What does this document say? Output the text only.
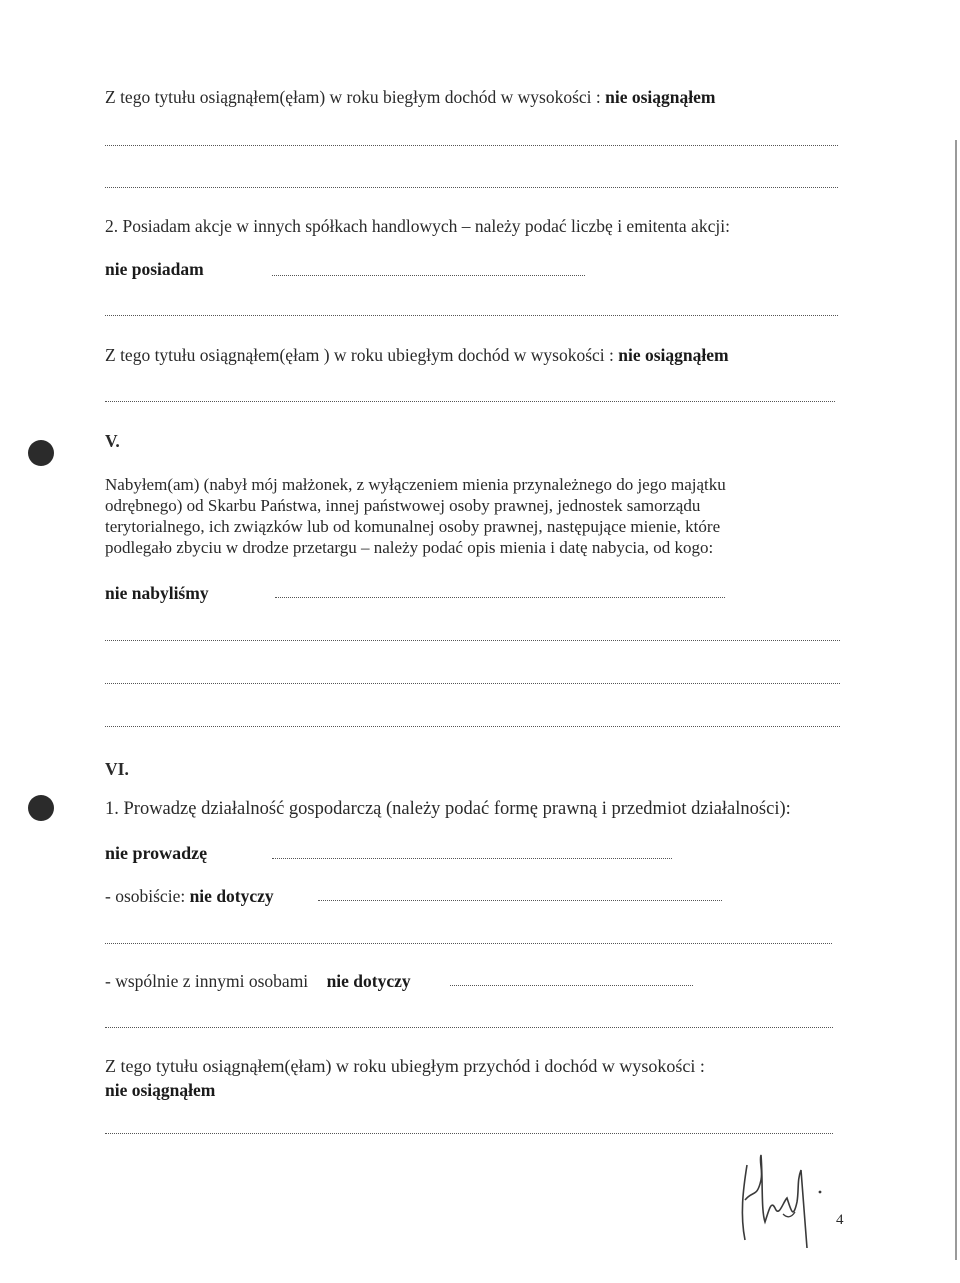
Z tego tytułu osiągnąłem(ęłam) w roku biegłym dochód w wysokości : nie osiągnąłem
2. Posiadam akcje w innych spółkach handlowych – należy podać liczbę i emitenta akcji:
nie posiadam
Z tego tytułu osiągnąłem(ęłam ) w roku ubiegłym dochód w wysokości : nie osiągnąłem
V.
Nabyłem(am) (nabył mój małżonek, z wyłączeniem mienia przynależnego do jego majątku
odrębnego) od Skarbu Państwa, innej państwowej osoby prawnej, jednostek samorządu
terytorialnego, ich związków lub od komunalnej osoby prawnej, następujące mienie, które
podlegało zbyciu w drodze przetargu – należy podać opis mienia i datę nabycia, od kogo:
nie nabyliśmy
VI.
1. Prowadzę działalność gospodarczą (należy podać formę prawną i przedmiot działalności):
nie prowadzę
- osobiście: nie dotyczy
- wspólnie z innymi osobami nie dotyczy
Z tego tytułu osiągnąłem(ęłam) w roku ubiegłym przychód i dochód w wysokości :
nie osiągnąłem
4
